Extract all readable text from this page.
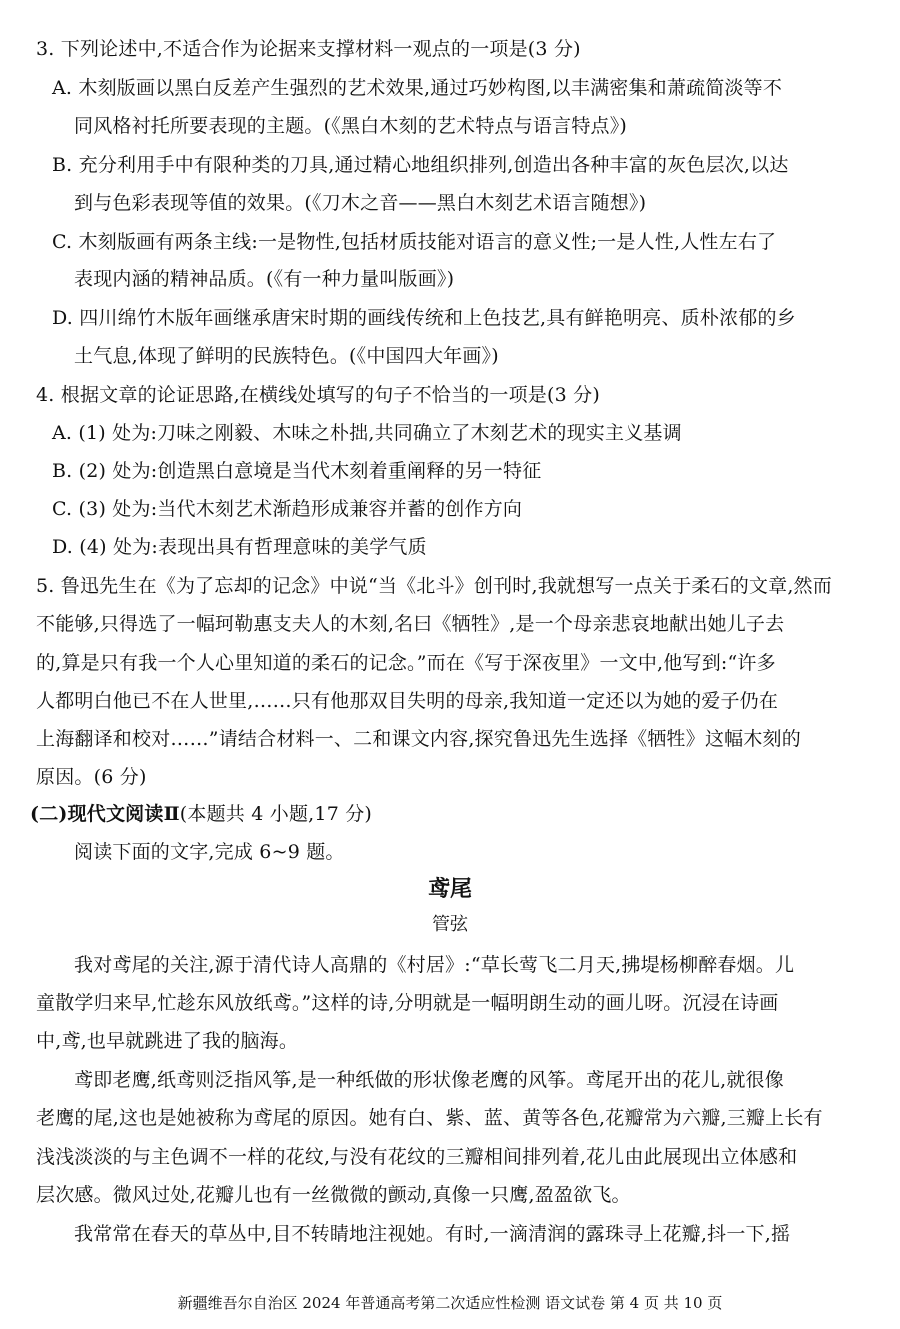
3. 下列论述中,不适合作为论据来支撑材料一观点的一项是(3 分)
A. 木刻版画以黑白反差产生强烈的艺术效果,通过巧妙构图,以丰满密集和萧疏简淡等不
同风格衬托所要表现的主题。(《黑白木刻的艺术特点与语言特点》)
B. 充分利用手中有限种类的刀具,通过精心地组织排列,创造出各种丰富的灰色层次,以达
到与色彩表现等值的效果。(《刀木之音——黑白木刻艺术语言随想》)
C. 木刻版画有两条主线:一是物性,包括材质技能对语言的意义性;一是人性,人性左右了
表现内涵的精神品质。(《有一种力量叫版画》)
D. 四川绵竹木版年画继承唐宋时期的画线传统和上色技艺,具有鲜艳明亮、质朴浓郁的乡
土气息,体现了鲜明的民族特色。(《中国四大年画》)
4. 根据文章的论证思路,在横线处填写的句子不恰当的一项是(3 分)
A. (1) 处为:刀味之刚毅、木味之朴拙,共同确立了木刻艺术的现实主义基调
B. (2) 处为:创造黑白意境是当代木刻着重阐释的另一特征
C. (3) 处为:当代木刻艺术渐趋形成兼容并蓄的创作方向
D. (4) 处为:表现出具有哲理意味的美学气质
5. 鲁迅先生在《为了忘却的记念》中说“当《北斗》创刊时,我就想写一点关于柔石的文章,然而
不能够,只得选了一幅珂勒惠支夫人的木刻,名曰《牺牲》,是一个母亲悲哀地献出她儿子去
的,算是只有我一个人心里知道的柔石的记念。”而在《写于深夜里》一文中,他写到:“许多
人都明白他已不在人世里,……只有他那双目失明的母亲,我知道一定还以为她的爱子仍在
上海翻译和校对……”请结合材料一、二和课文内容,探究鲁迅先生选择《牺牲》这幅木刻的
原因。(6 分)
(二)现代文阅读Ⅱ(本题共 4 小题,17 分)
阅读下面的文字,完成 6~9 题。
鸢尾
管弦
我对鸢尾的关注,源于清代诗人高鼎的《村居》:“草长莺飞二月天,拂堤杨柳醉春烟。儿
童散学归来早,忙趁东风放纸鸢。”这样的诗,分明就是一幅明朗生动的画儿呀。沉浸在诗画
中,鸢,也早就跳进了我的脑海。
鸢即老鹰,纸鸢则泛指风筝,是一种纸做的形状像老鹰的风筝。鸢尾开出的花儿,就很像
老鹰的尾,这也是她被称为鸢尾的原因。她有白、紫、蓝、黄等各色,花瓣常为六瓣,三瓣上长有
浅浅淡淡的与主色调不一样的花纹,与没有花纹的三瓣相间排列着,花儿由此展现出立体感和
层次感。微风过处,花瓣儿也有一丝微微的颤动,真像一只鹰,盈盈欲飞。
我常常在春天的草丛中,目不转睛地注视她。有时,一滴清润的露珠寻上花瓣,抖一下,摇
新疆维吾尔自治区 2024 年普通高考第二次适应性检测 语文试卷 第 4 页 共 10 页
